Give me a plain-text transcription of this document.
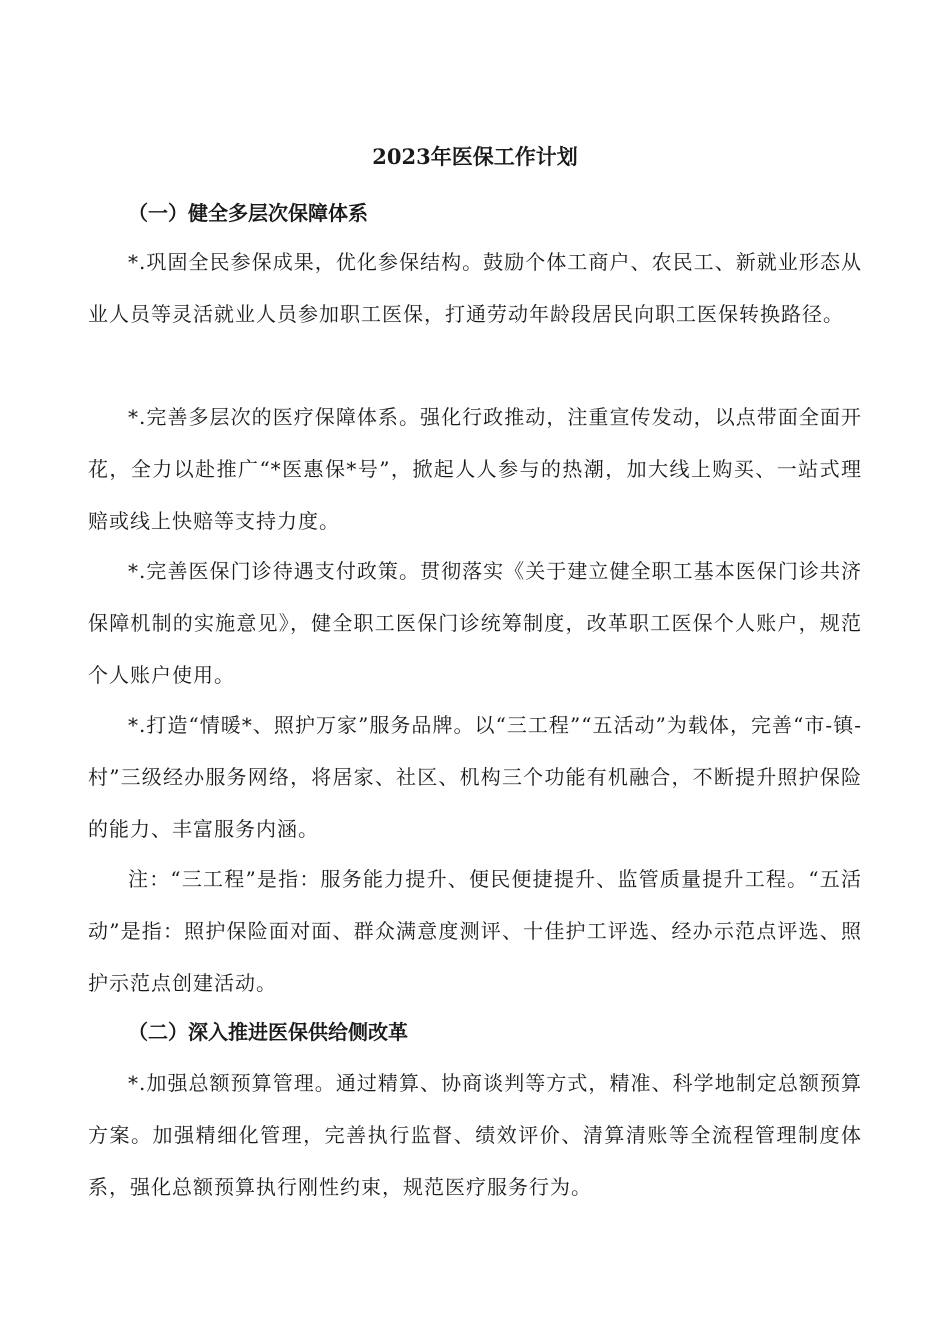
2023年医保工作计划
（一）健全多层次保障体系

*.巩固全民参保成果，优化参保结构。鼓励个体工商户、农民工、新就业形态从业人员等灵活就业人员参加职工医保，打通劳动年龄段居民向职工医保转换路径。

*.完善多层次的医疗保障体系。强化行政推动，注重宣传发动，以点带面全面开花，全力以赴推广“*医惠保*号”，掀起人人参与的热潮，加大线上购买、一站式理赔或线上快赔等支持力度。

*.完善医保门诊待遇支付政策。贯彻落实《关于建立健全职工基本医保门诊共济保障机制的实施意见》，健全职工医保门诊统筹制度，改革职工医保个人账户，规范个人账户使用。

*.打造“情暖*、照护万家”服务品牌。以“三工程”“五活动”为载体，完善“市-镇-村”三级经办服务网络，将居家、社区、机构三个功能有机融合，不断提升照护保险的能力、丰富服务内涵。

注：“三工程”是指：服务能力提升、便民便捷提升、监管质量提升工程。“五活动”是指：照护保险面对面、群众满意度测评、十佳护工评选、经办示范点评选、照护示范点创建活动。

（二）深入推进医保供给侧改革

*.加强总额预算管理。通过精算、协商谈判等方式，精准、科学地制定总额预算方案。加强精细化管理，完善执行监督、绩效评价、清算清账等全流程管理制度体系，强化总额预算执行刚性约束，规范医疗服务行为。
